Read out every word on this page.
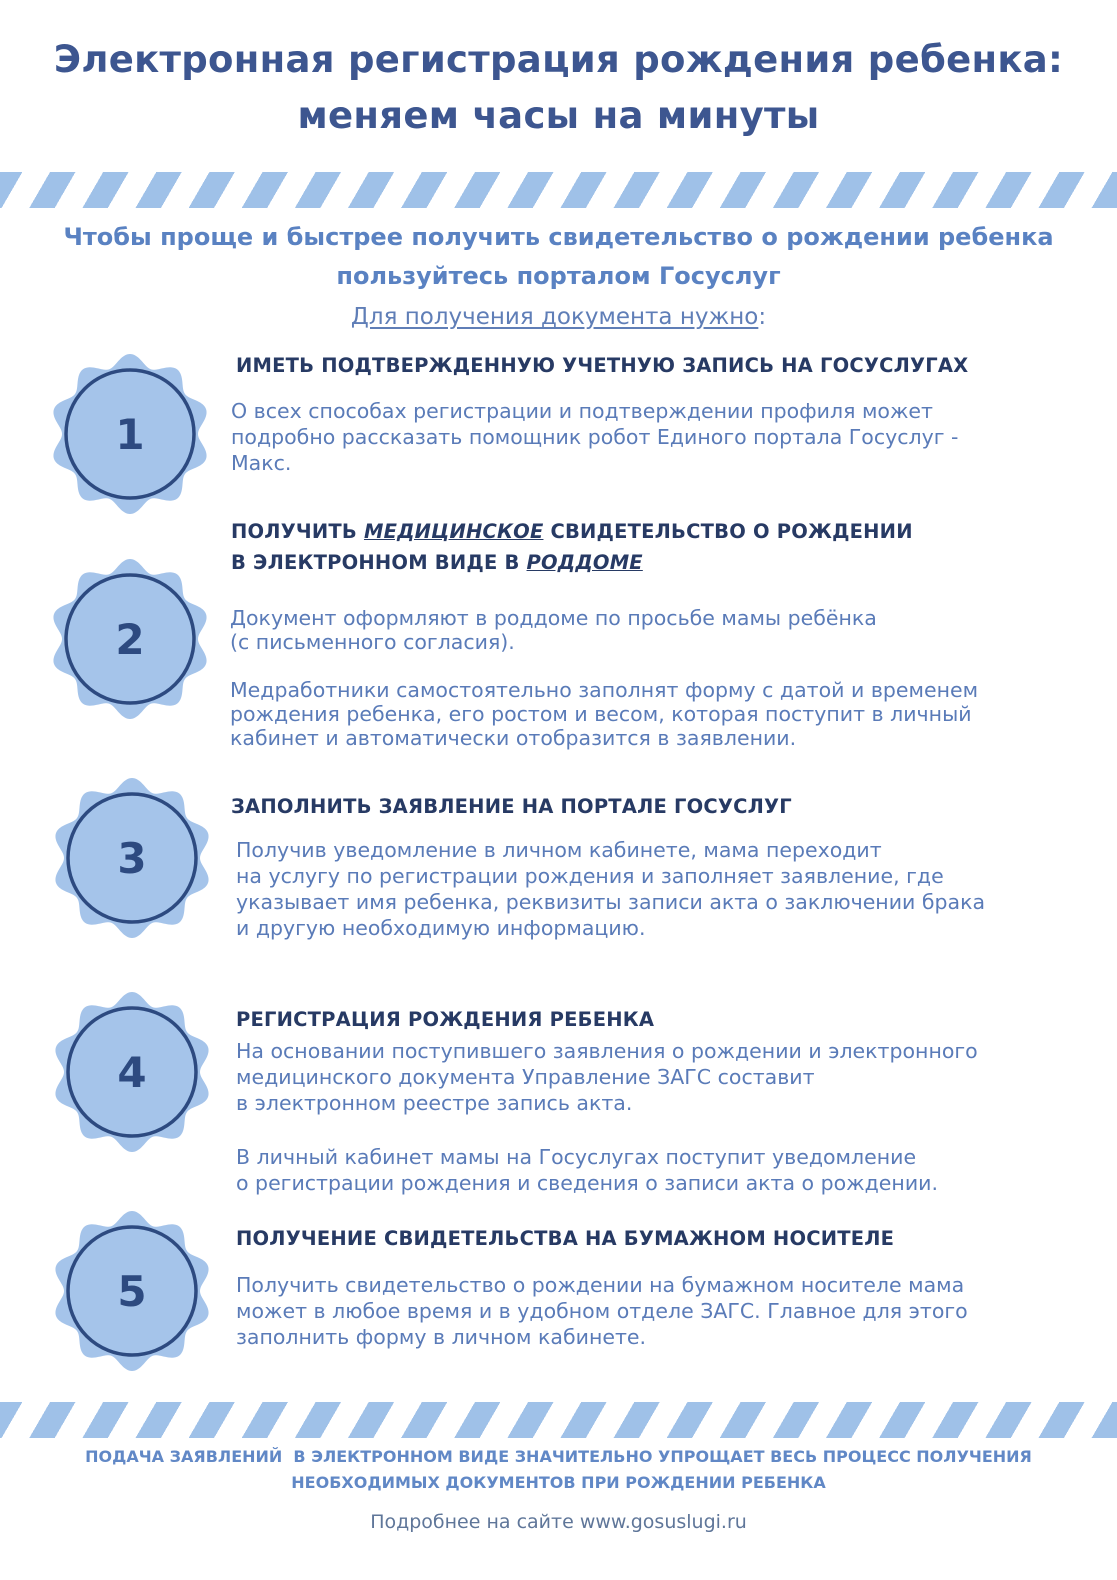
Электронная регистрация рождения ребенка:
меняем часы на минуты

Чтобы проще и быстрее получить свидетельство о рождении ребенка
пользуйтесь порталом Госуслуг

Для получения документа нужно:
1
ИМЕТЬ ПОДТВЕРЖДЕННУЮ УЧЕТНУЮ ЗАПИСЬ НА ГОСУСЛУГАХ

О всех способах регистрации и подтверждении профиля может
подробно рассказать помощник робот Единого портала Госуслуг -
Макс.

2
ПОЛУЧИТЬ МЕДИЦИНСКОЕ СВИДЕТЕЛЬСТВО О РОЖДЕНИИ
В ЭЛЕКТРОННОМ ВИДЕ В РОДДОМЕ

Документ оформляют в роддоме по просьбе мамы ребёнка
(с письменного согласия).

Медработники самостоятельно заполнят форму с датой и временем
рождения ребенка, его ростом и весом, которая поступит в личный
кабинет и автоматически отобразится в заявлении.

3
ЗАПОЛНИТЬ ЗАЯВЛЕНИЕ НА ПОРТАЛЕ ГОСУСЛУГ

Получив уведомление в личном кабинете, мама переходит
на услугу по регистрации рождения и заполняет заявление, где
указывает имя ребенка, реквизиты записи акта о заключении брака
и другую необходимую информацию.

4
РЕГИСТРАЦИЯ РОЖДЕНИЯ РЕБЕНКА

На основании поступившего заявления о рождении и электронного
медицинского документа Управление ЗАГС составит
в электронном реестре запись акта.

В личный кабинет мамы на Госуслугах поступит уведомление
о регистрации рождения и сведения о записи акта о рождении.

5
ПОЛУЧЕНИЕ СВИДЕТЕЛЬСТВА НА БУМАЖНОМ НОСИТЕЛЕ

Получить свидетельство о рождении на бумажном носителе мама
может в любое время и в удобном отделе ЗАГС. Главное для этого
заполнить форму в личном кабинете.

ПОДАЧА ЗАЯВЛЕНИЙ  В ЭЛЕКТРОННОМ ВИДЕ ЗНАЧИТЕЛЬНО УПРОЩАЕТ ВЕСЬ ПРОЦЕСС ПОЛУЧЕНИЯ
НЕОБХОДИМЫХ ДОКУМЕНТОВ ПРИ РОЖДЕНИИ РЕБЕНКА

Подробнее на сайте www.gosuslugi.ru
